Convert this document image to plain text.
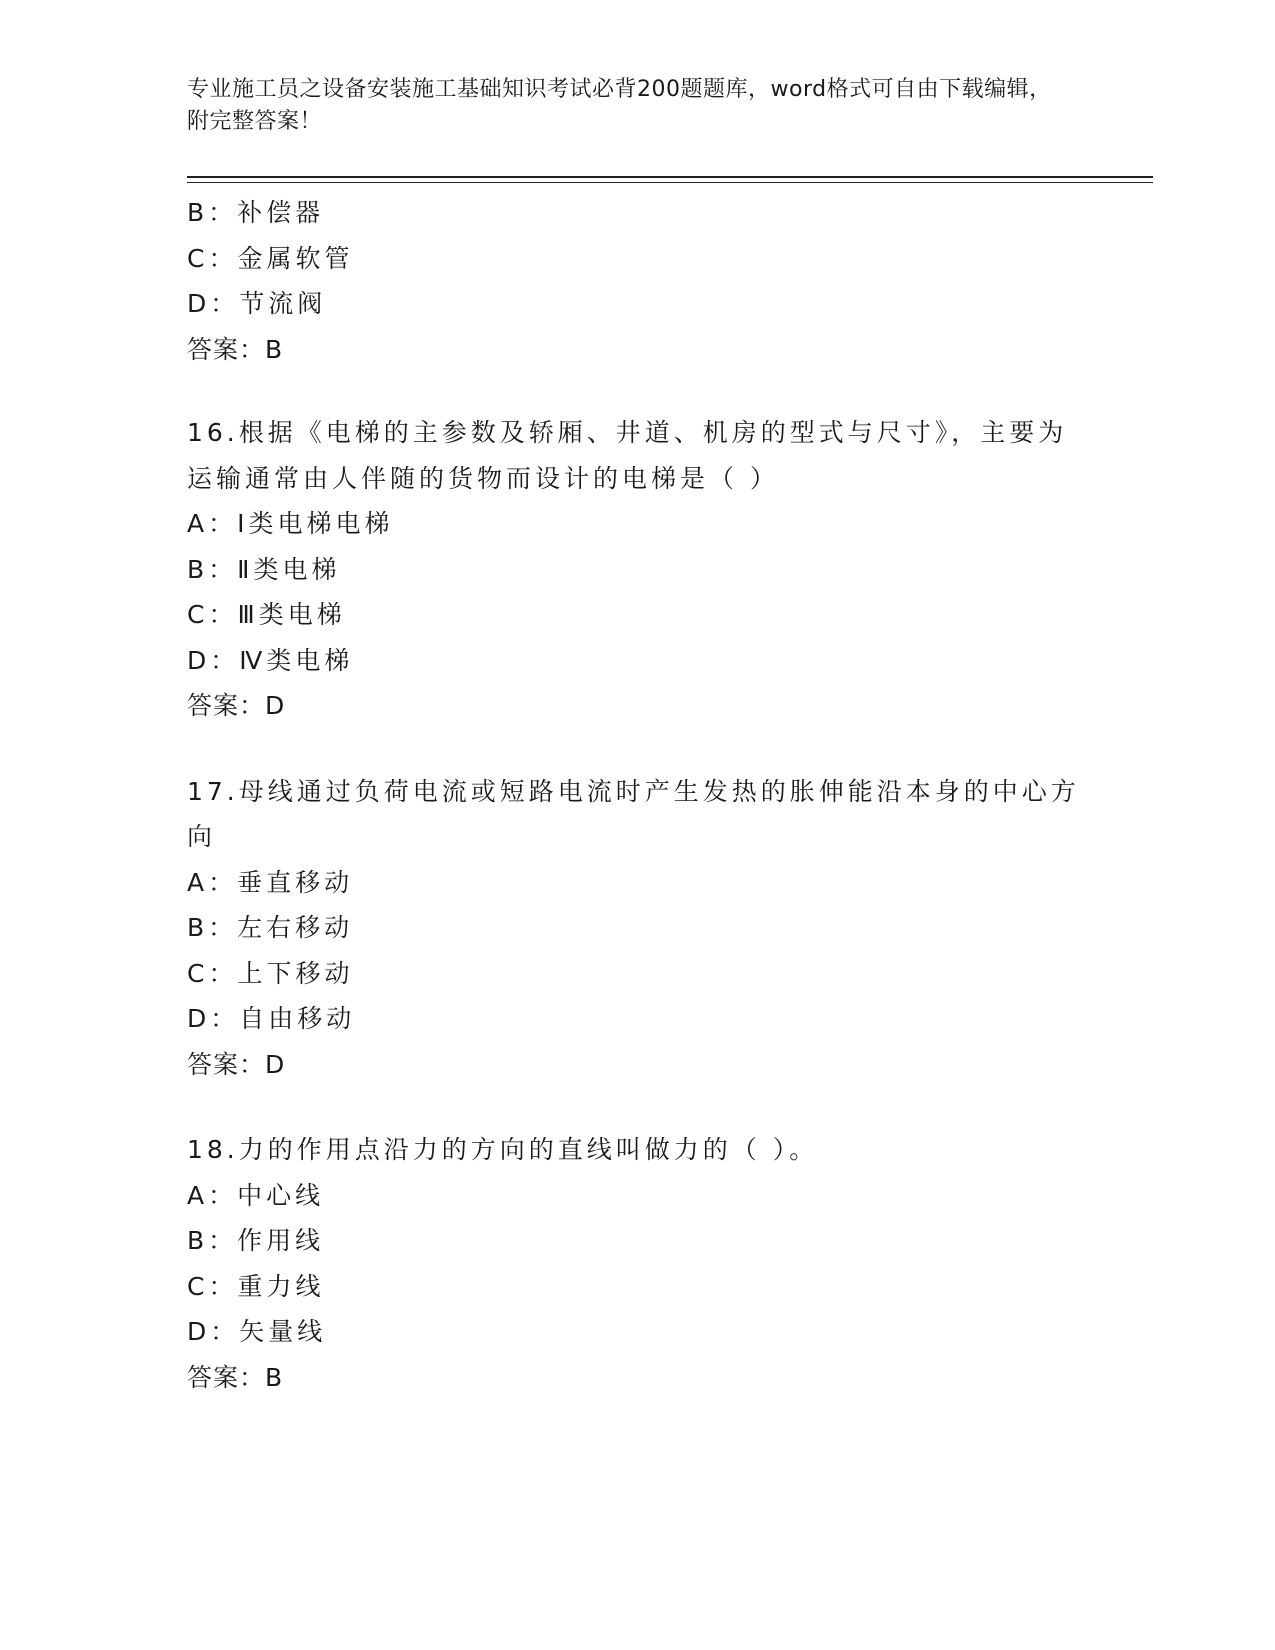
专业施工员之设备安装施工基础知识考试必背200题题库，word格式可自由下载编辑，附完整答案！
B：补偿器
C：金属软管
D：节流阀
答案：B
16.根据《电梯的主参数及轿厢、井道、机房的型式与尺寸》，主要为
运输通常由人伴随的货物而设计的电梯是（ ）
A：Ⅰ类电梯电梯
B：Ⅱ类电梯
C：Ⅲ类电梯
D：Ⅳ类电梯
答案：D
17.母线通过负荷电流或短路电流时产生发热的胀伸能沿本身的中心方
向
A：垂直移动
B：左右移动
C：上下移动
D：自由移动
答案：D
18.力的作用点沿力的方向的直线叫做力的（ ）。
A：中心线
B：作用线
C：重力线
D：矢量线
答案：B
